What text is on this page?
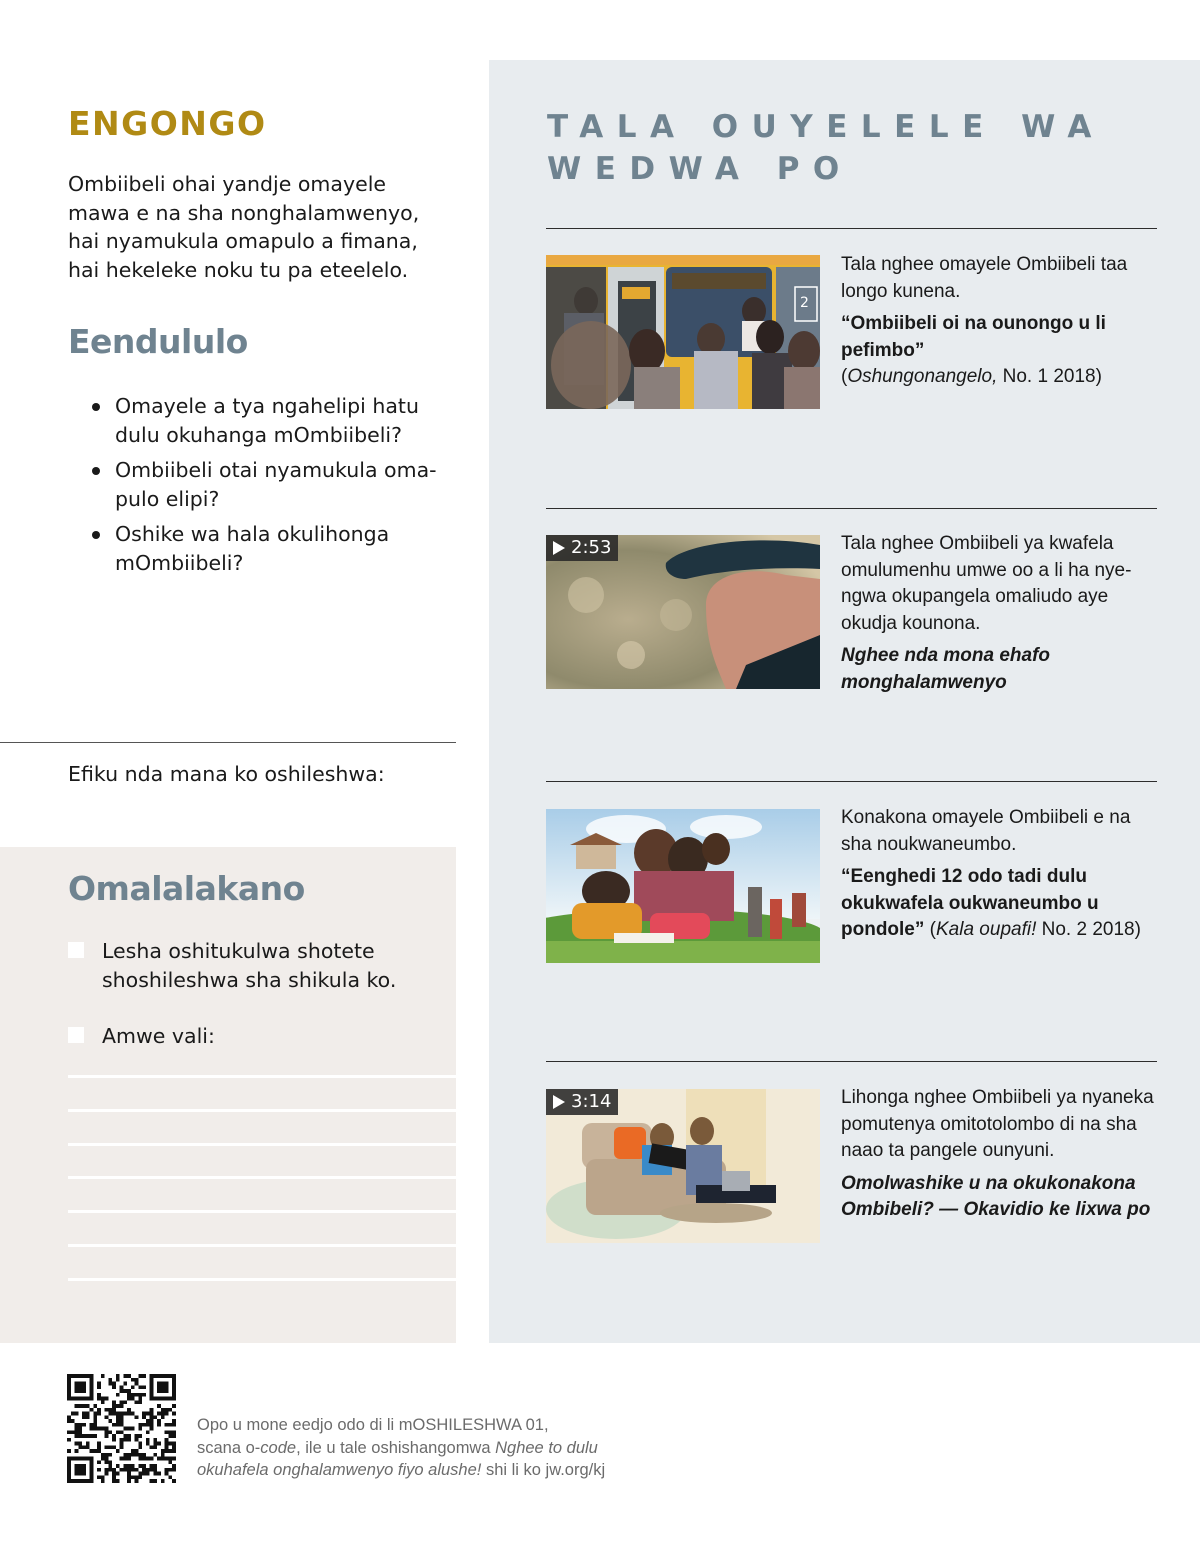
ENGONGO
Ombiibeli ohai yandje omayele mawa e na sha nonghalamwenyo, hai nyamukula omapulo a fimana, hai hekeleke noku tu pa eteelelo.
Eendululo
Omayele a tya ngahelipi hatu dulu okuhanga mOmbiibeli?
Ombiibeli otai nyamukula omapulo elipi?
Oshike wa hala okulihonga mOmbiibeli?
Efiku nda mana ko oshileshwa:
Omalalakano
Lesha oshitukulwa shotete shoshileshwa sha shikula ko.
Amwe vali:
TALA OUYELELE WA WEDWA PO
2

Tala nghee omayele Ombiibeli taa longo kunena.

“Ombiibeli oi na ounongo u li pefimbo”
(Oshungonangelo, No. 1 2018)

2:53	Tala nghee Ombiibeli ya kwafela omulumenhu umwe oo a li ha nyengwa okupangela omaliudo aye okudja kounona.

Nghee nda mona ehafo monghalamwenyo

Konakona omayele Ombiibeli e na sha noukwaneumbo.

“Eenghedi 12 odo tadi dulu okukwafela oukwaneumbo u pondole” (Kala oupafi! No. 2 2018)

3:14	Lihonga nghee Ombiibeli ya nyaneka pomutenya omitotolombo di na sha naao ta pangele ounyuni.

Omolwashike u na okukonakona Ombibeli? — Okavidio ke lixwa po

Opo u mone eedjo odo di li mOSHILESHWA 01,
scana o-code, ile u tale oshishangomwa Nghee to dulu
okuhafela onghalamwenyo fiyo alushe! shi li ko jw.org/kj
